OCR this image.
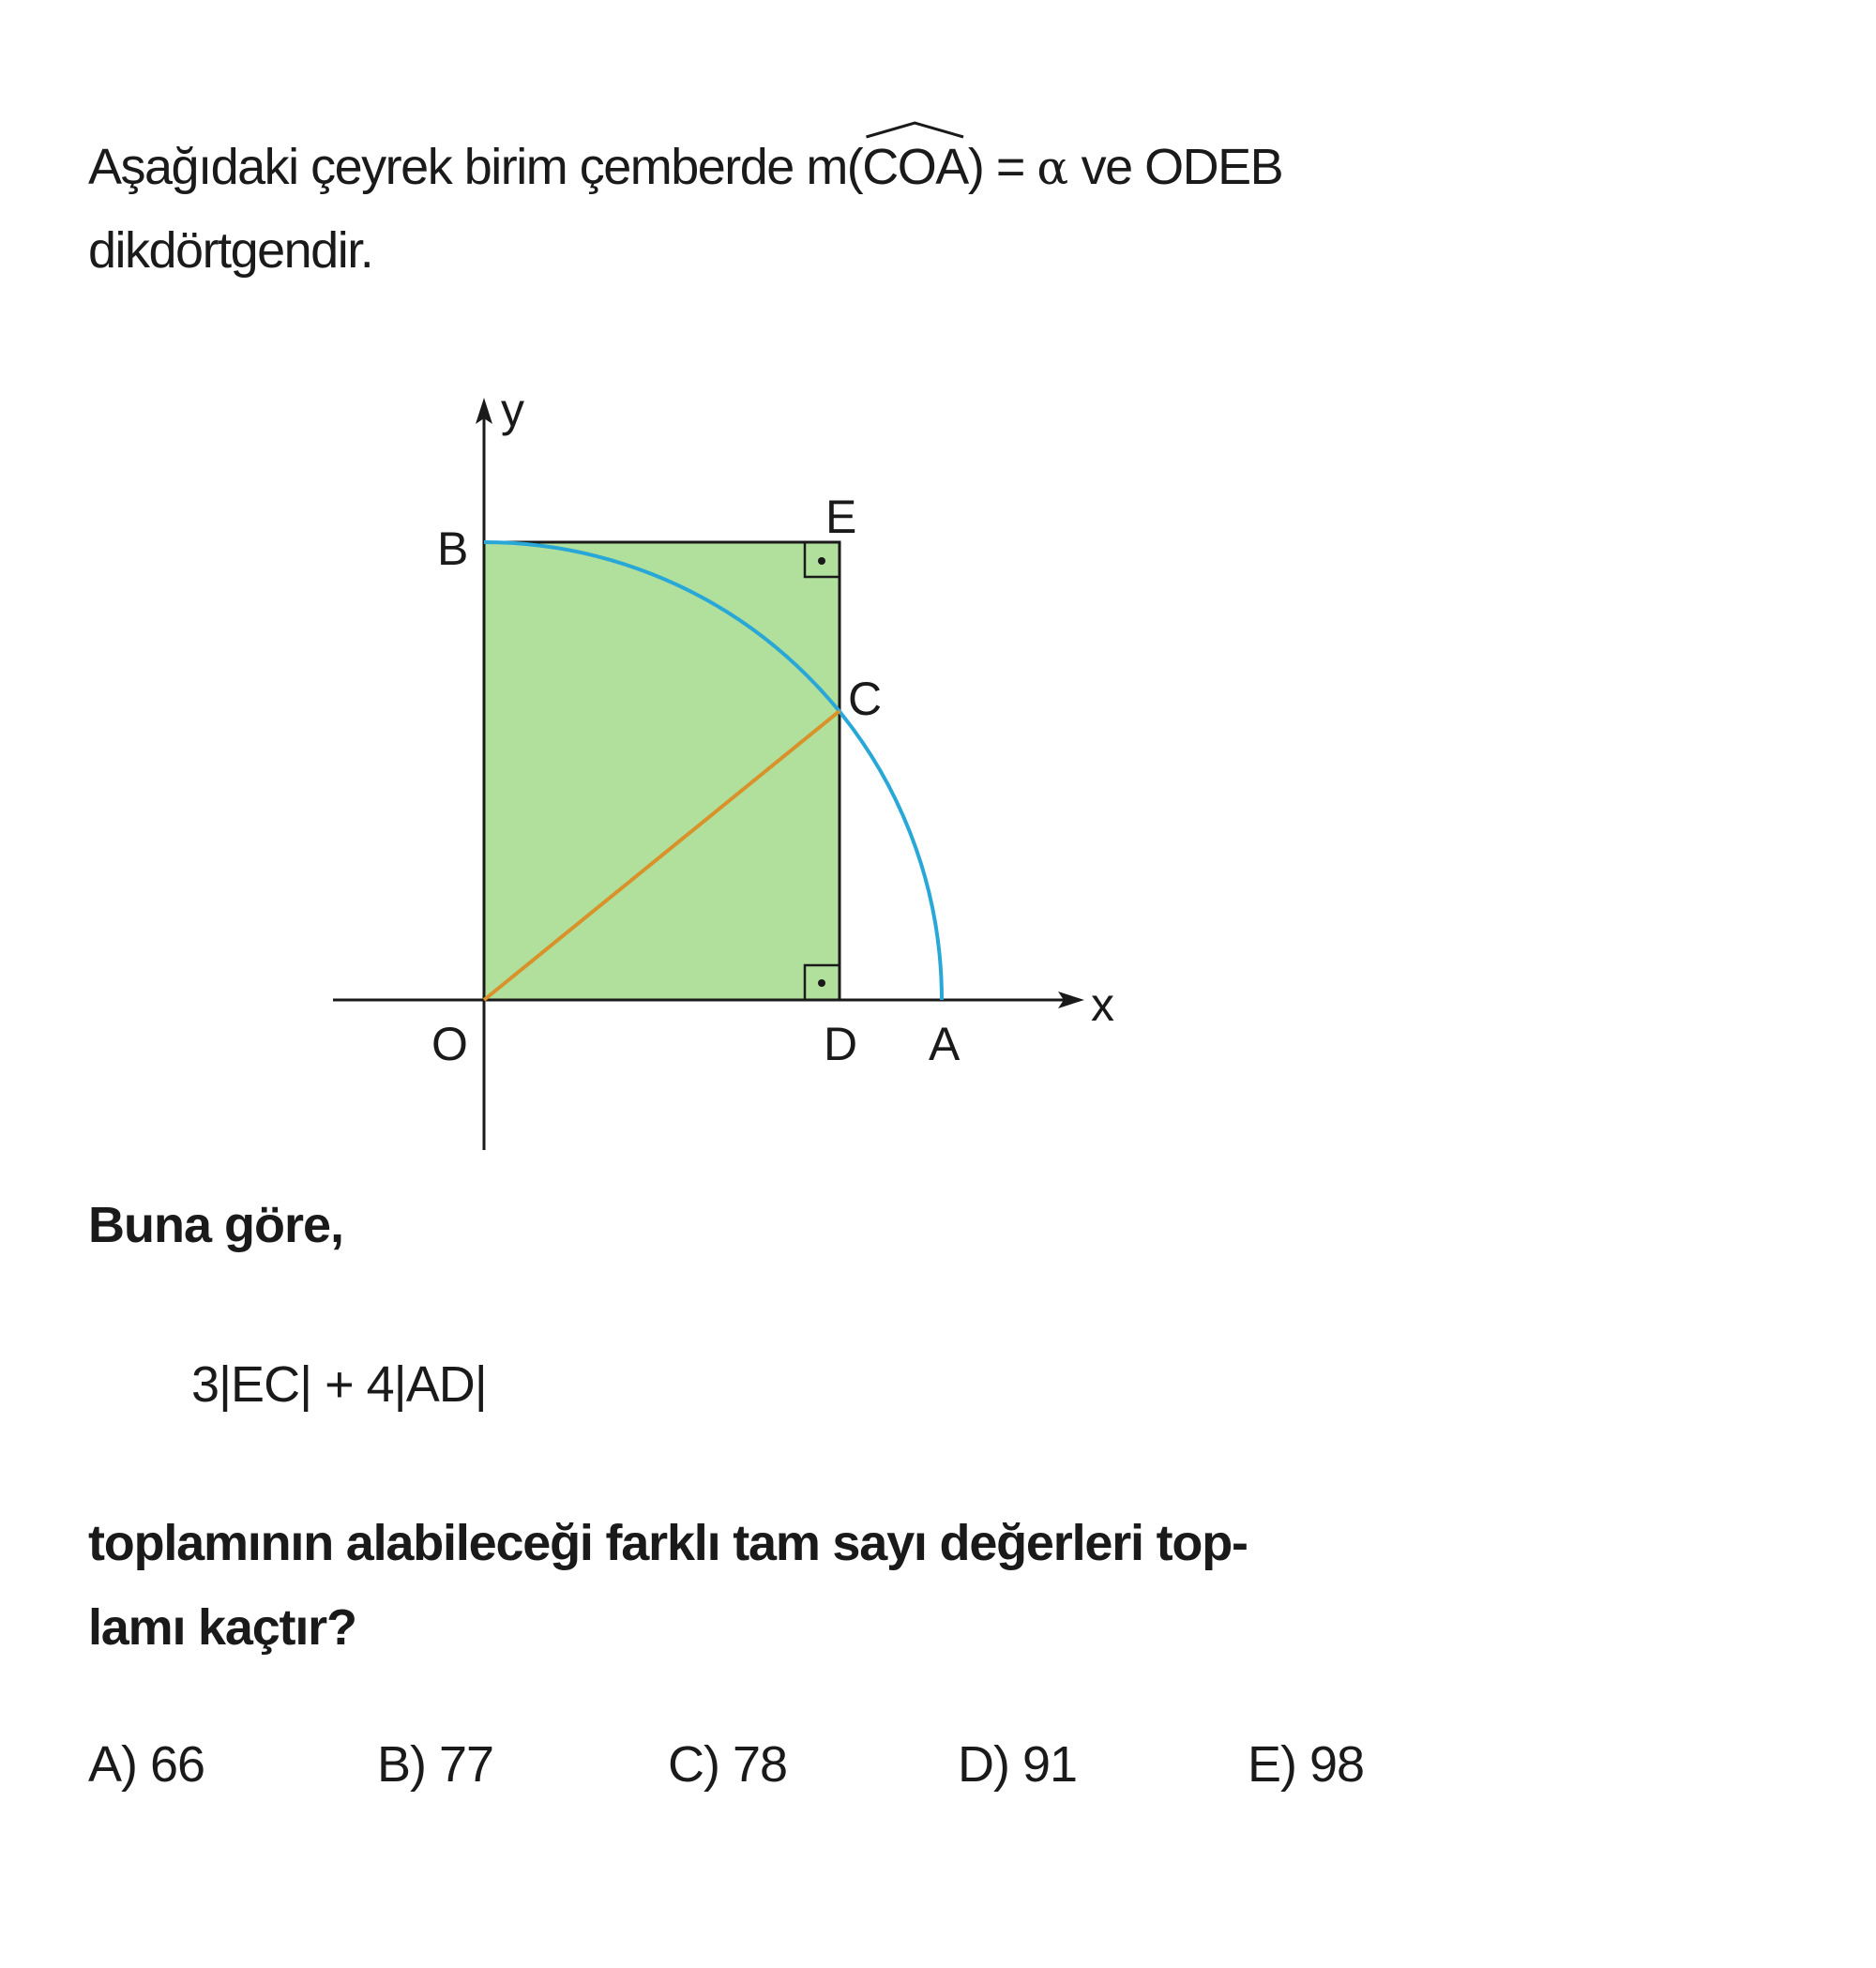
Aşağıdaki çeyrek birim çemberde m(
COA) = α ve ODEB
dikdörtgendir.
y
x
O	D A
B
E
C
Buna göre,
3|EC| + 4|AD|
toplamının alabileceği farklı tam sayı değerleri top-
lamı kaçtır?
A) 66	B) 77	C) 78	D) 91	E) 98
